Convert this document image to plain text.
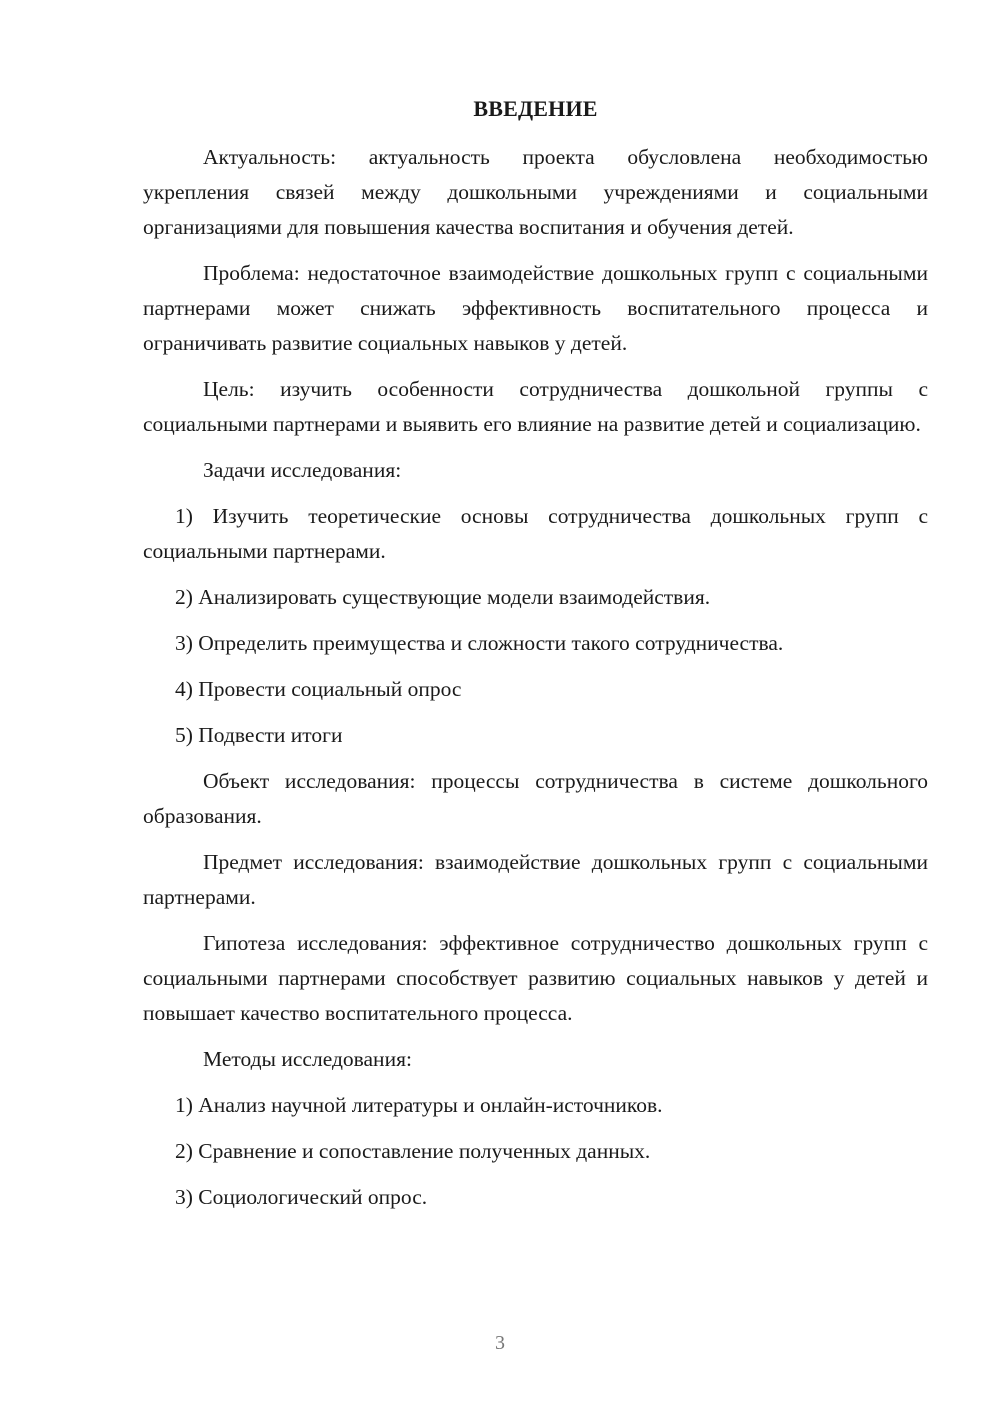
ВВЕДЕНИЕ

Актуальность: актуальность проекта обусловлена необходимостью укрепления связей между дошкольными учреждениями и социальными организациями для повышения качества воспитания и обучения детей.

Проблема: недостаточное взаимодействие дошкольных групп с социальными партнерами может снижать эффективность воспитательного процесса и ограничивать развитие социальных навыков у детей.

Цель: изучить особенности сотрудничества дошкольной группы с социальными партнерами и выявить его влияние на развитие детей и социализацию.

Задачи исследования:

1) Изучить теоретические основы сотрудничества дошкольных групп с социальными партнерами.

2) Анализировать существующие модели взаимодействия.

3) Определить преимущества и сложности такого сотрудничества.

4) Провести социальный опрос

5) Подвести итоги

Объект исследования: процессы сотрудничества в системе дошкольного образования.

Предмет исследования: взаимодействие дошкольных групп с социальными партнерами.

Гипотеза исследования: эффективное сотрудничество дошкольных групп с социальными партнерами способствует развитию социальных навыков у детей и повышает качество воспитательного процесса.

Методы исследования:

1) Анализ научной литературы и онлайн-источников.

2) Сравнение и сопоставление полученных данных.

3) Социологический опрос.

3
